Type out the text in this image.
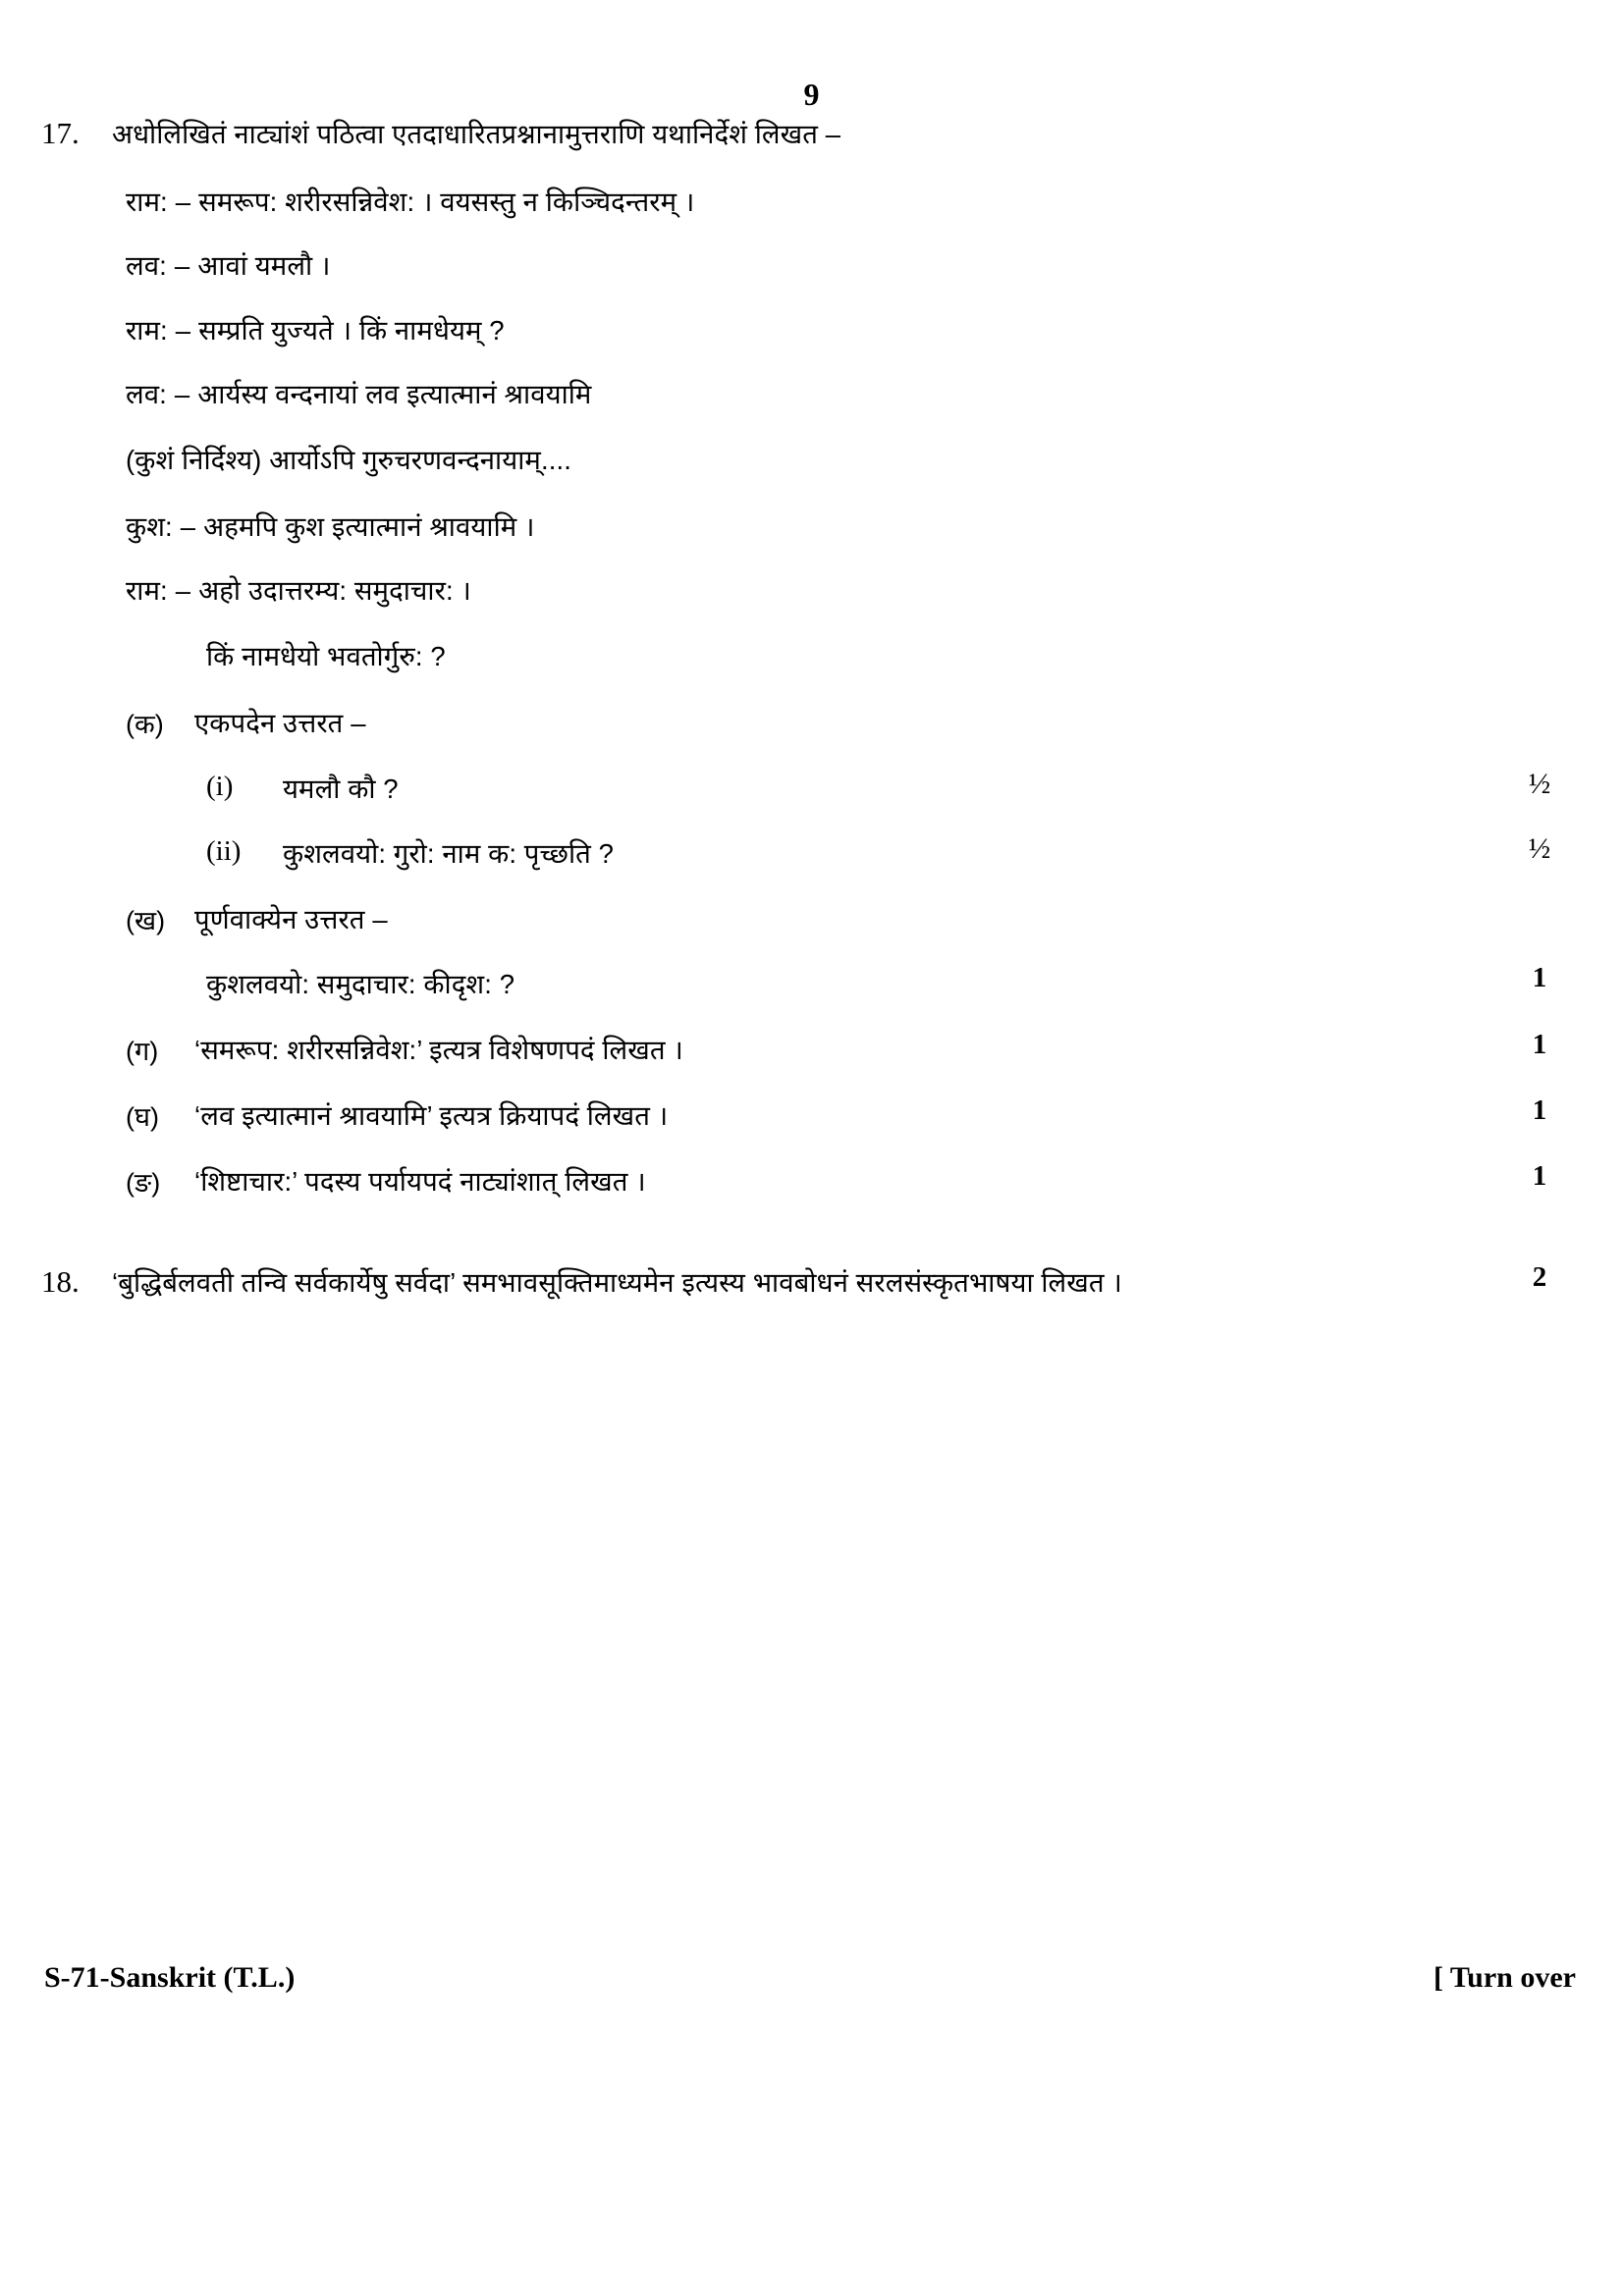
9
17.	अधोलिखितं नाट्यांशं पठित्वा एतदाधारितप्रश्नानामुत्तराणि यथानिर्देशं लिखत –
राम: – समरूप: शरीरसन्निवेश: । वयसस्तु न किञ्चिदन्तरम् ।
लव: – आवां यमलौ ।
राम: – सम्प्रति युज्यते । किं नामधेयम् ?
लव: – आर्यस्य वन्दनायां लव इत्यात्मानं श्रावयामि
(कुशं निर्दिश्य) आर्योऽपि गुरुचरणवन्दनायाम्....
कुश: – अहमपि कुश इत्यात्मानं श्रावयामि ।
राम: – अहो उदात्तरम्य: समुदाचार: ।
किं नामधेयो भवतोर्गुरु: ?
(क)	एकपदेन उत्तरत –
(i)	यमलौ कौ ?	½
(ii)	कुशलवयो: गुरो: नाम क: पृच्छति ?	½
(ख)	पूर्णवाक्येन उत्तरत –
कुशलवयो: समुदाचार: कीदृश: ?	1
(ग)	‘समरूप: शरीरसन्निवेश:’ इत्यत्र विशेषणपदं लिखत ।	1
(घ)	‘लव इत्यात्मानं श्रावयामि’ इत्यत्र क्रियापदं लिखत ।	1
(ङ)	‘शिष्टाचार:’ पदस्य पर्यायपदं नाट्यांशात् लिखत ।	1
18.	‘बुद्धिर्बलवती तन्वि सर्वकार्येषु सर्वदा’ समभावसूक्तिमाध्यमेन इत्यस्य भावबोधनं सरलसंस्कृतभाषया लिखत ।	2
S-71-Sanskrit (T.L.)	[ Turn over
